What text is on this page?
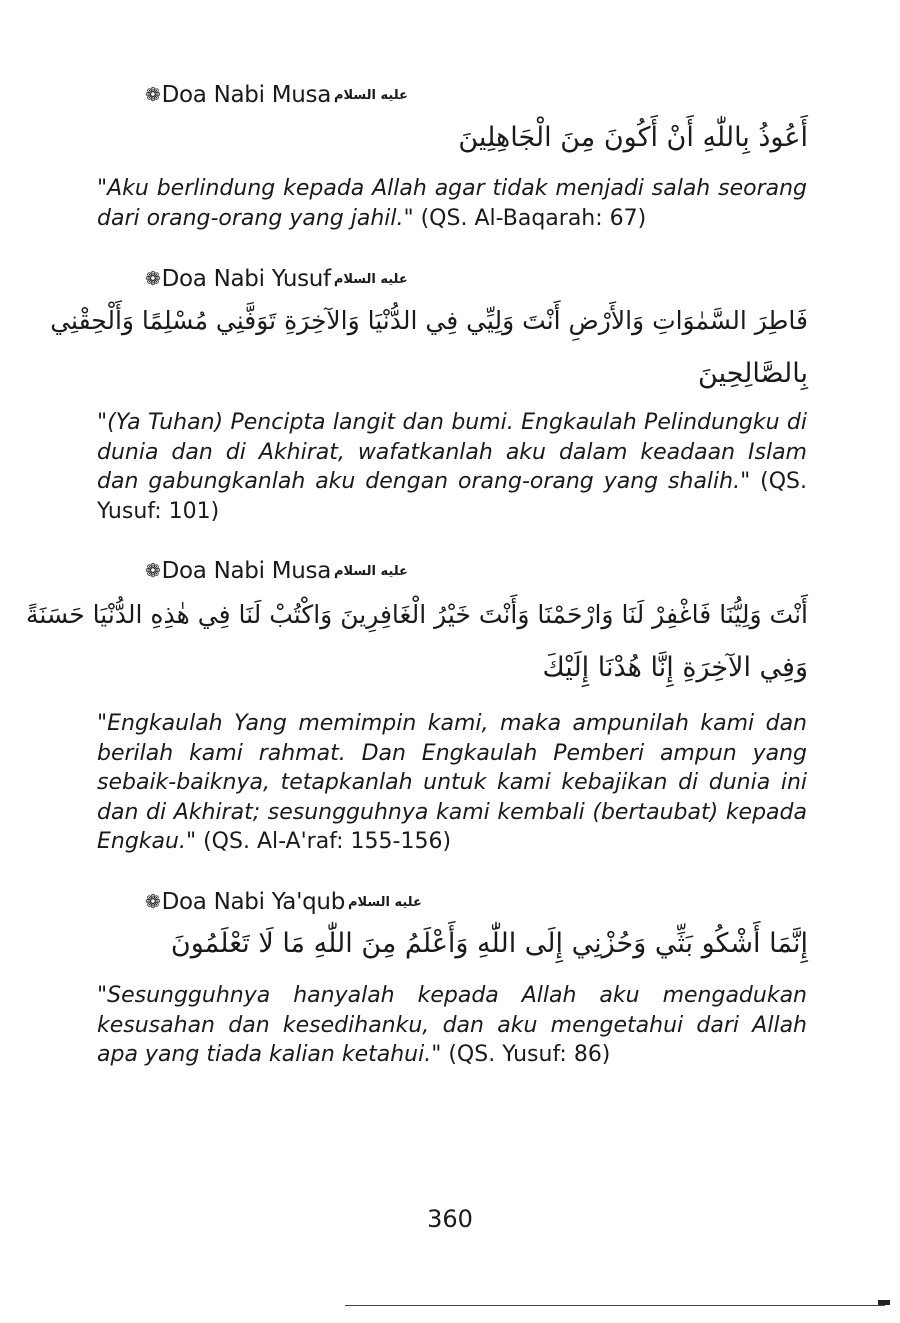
❁ Doa Nabi Musa عليه السلام
أَعُوذُ بِاللّٰهِ أَنْ أَكُونَ مِنَ الْجَاهِلِينَ
"Aku berlindung kepada Allah agar tidak menjadi salah seorang dari orang-orang yang jahil." (QS. Al-Baqarah: 67)
❁ Doa Nabi Yusuf عليه السلام
فَاطِرَ السَّمٰوَاتِ وَالأَرْضِ أَنْتَ وَلِيِّي فِي الدُّنْيَا وَالآخِرَةِ تَوَفَّنِي مُسْلِمًا وَأَلْحِقْنِي
بِالصَّالِحِينَ
"(Ya Tuhan) Pencipta langit dan bumi. Engkaulah Pelindungku di dunia dan di Akhirat, wafatkanlah aku dalam keadaan Islam dan gabungkanlah aku dengan orang-orang yang shalih." (QS. Yusuf: 101)
❁ Doa Nabi Musa عليه السلام
أَنْتَ وَلِيُّنَا فَاغْفِرْ لَنَا وَارْحَمْنَا وَأَنْتَ خَيْرُ الْغَافِرِينَ وَاكْتُبْ لَنَا فِي هٰذِهِ الدُّنْيَا حَسَنَةً
وَفِي الآخِرَةِ إِنَّا هُدْنَا إِلَيْكَ
"Engkaulah Yang memimpin kami, maka ampunilah kami dan berilah kami rahmat. Dan Engkaulah Pemberi ampun yang sebaik-baiknya, tetapkanlah untuk kami kebajikan di dunia ini dan di Akhirat; sesungguhnya kami kembali (bertaubat) kepada Engkau." (QS. Al-A'raf: 155-156)
❁ Doa Nabi Ya'qub عليه السلام
إِنَّمَا أَشْكُو بَثِّي وَحُزْنِي إِلَى اللّٰهِ وَأَعْلَمُ مِنَ اللّٰهِ مَا لَا تَعْلَمُونَ
"Sesungguhnya hanyalah kepada Allah aku mengadukan kesusahan dan kesedihanku, dan aku mengetahui dari Allah apa yang tiada kalian ketahui." (QS. Yusuf: 86)
360
